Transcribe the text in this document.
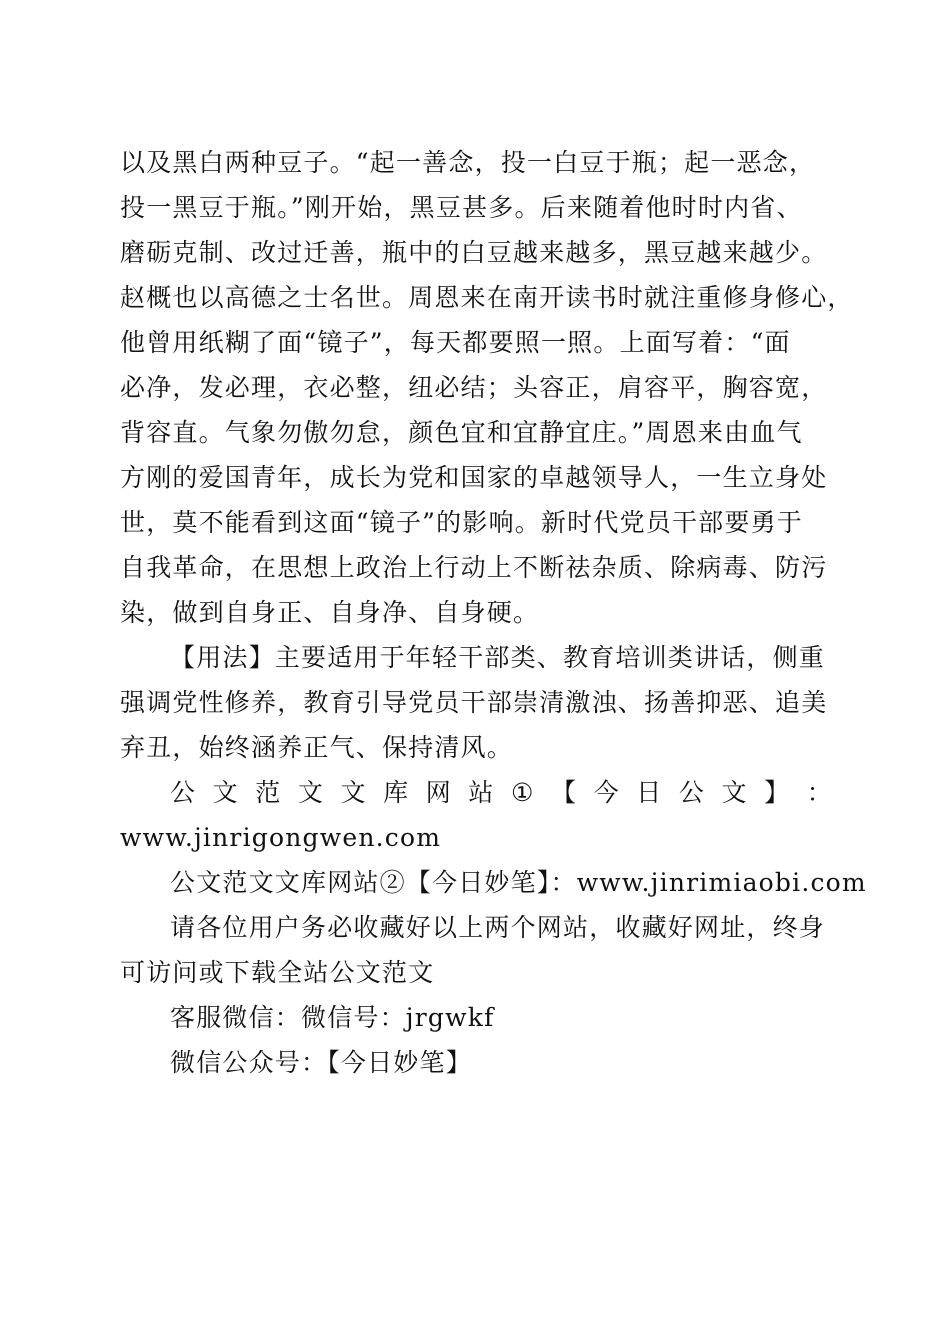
以及黑白两种豆子。“起一善念，投一白豆于瓶；起一恶念，
投一黑豆于瓶。”刚开始，黑豆甚多。后来随着他时时内省、
磨砺克制、改过迁善，瓶中的白豆越来越多，黑豆越来越少。
赵概也以高德之士名世。周恩来在南开读书时就注重修身修心，
他曾用纸糊了面“镜子”，每天都要照一照。上面写着：“面
必净，发必理，衣必整，纽必结；头容正，肩容平，胸容宽，
背容直。气象勿傲勿怠，颜色宜和宜静宜庄。”周恩来由血气
方刚的爱国青年，成长为党和国家的卓越领导人，一生立身处
世，莫不能看到这面“镜子”的影响。新时代党员干部要勇于
自我革命，在思想上政治上行动上不断祛杂质、除病毒、防污
染，做到自身正、自身净、自身硬。
【用法】主要适用于年轻干部类、教育培训类讲话，侧重
强调党性修养，教育引导党员干部崇清激浊、扬善抑恶、追美
弃丑，始终涵养正气、保持清风。
公 文 范 文 文 库 网 站 ① 【 今 日 公 文 】 ：
www.jinrigongwen.com
公文范文文库网站②【今日妙笔】：www.jinrimiaobi.com
请各位用户务必收藏好以上两个网站，收藏好网址，终身
可访问或下载全站公文范文
客服微信：微信号：jrgwkf
微信公众号：【今日妙笔】
